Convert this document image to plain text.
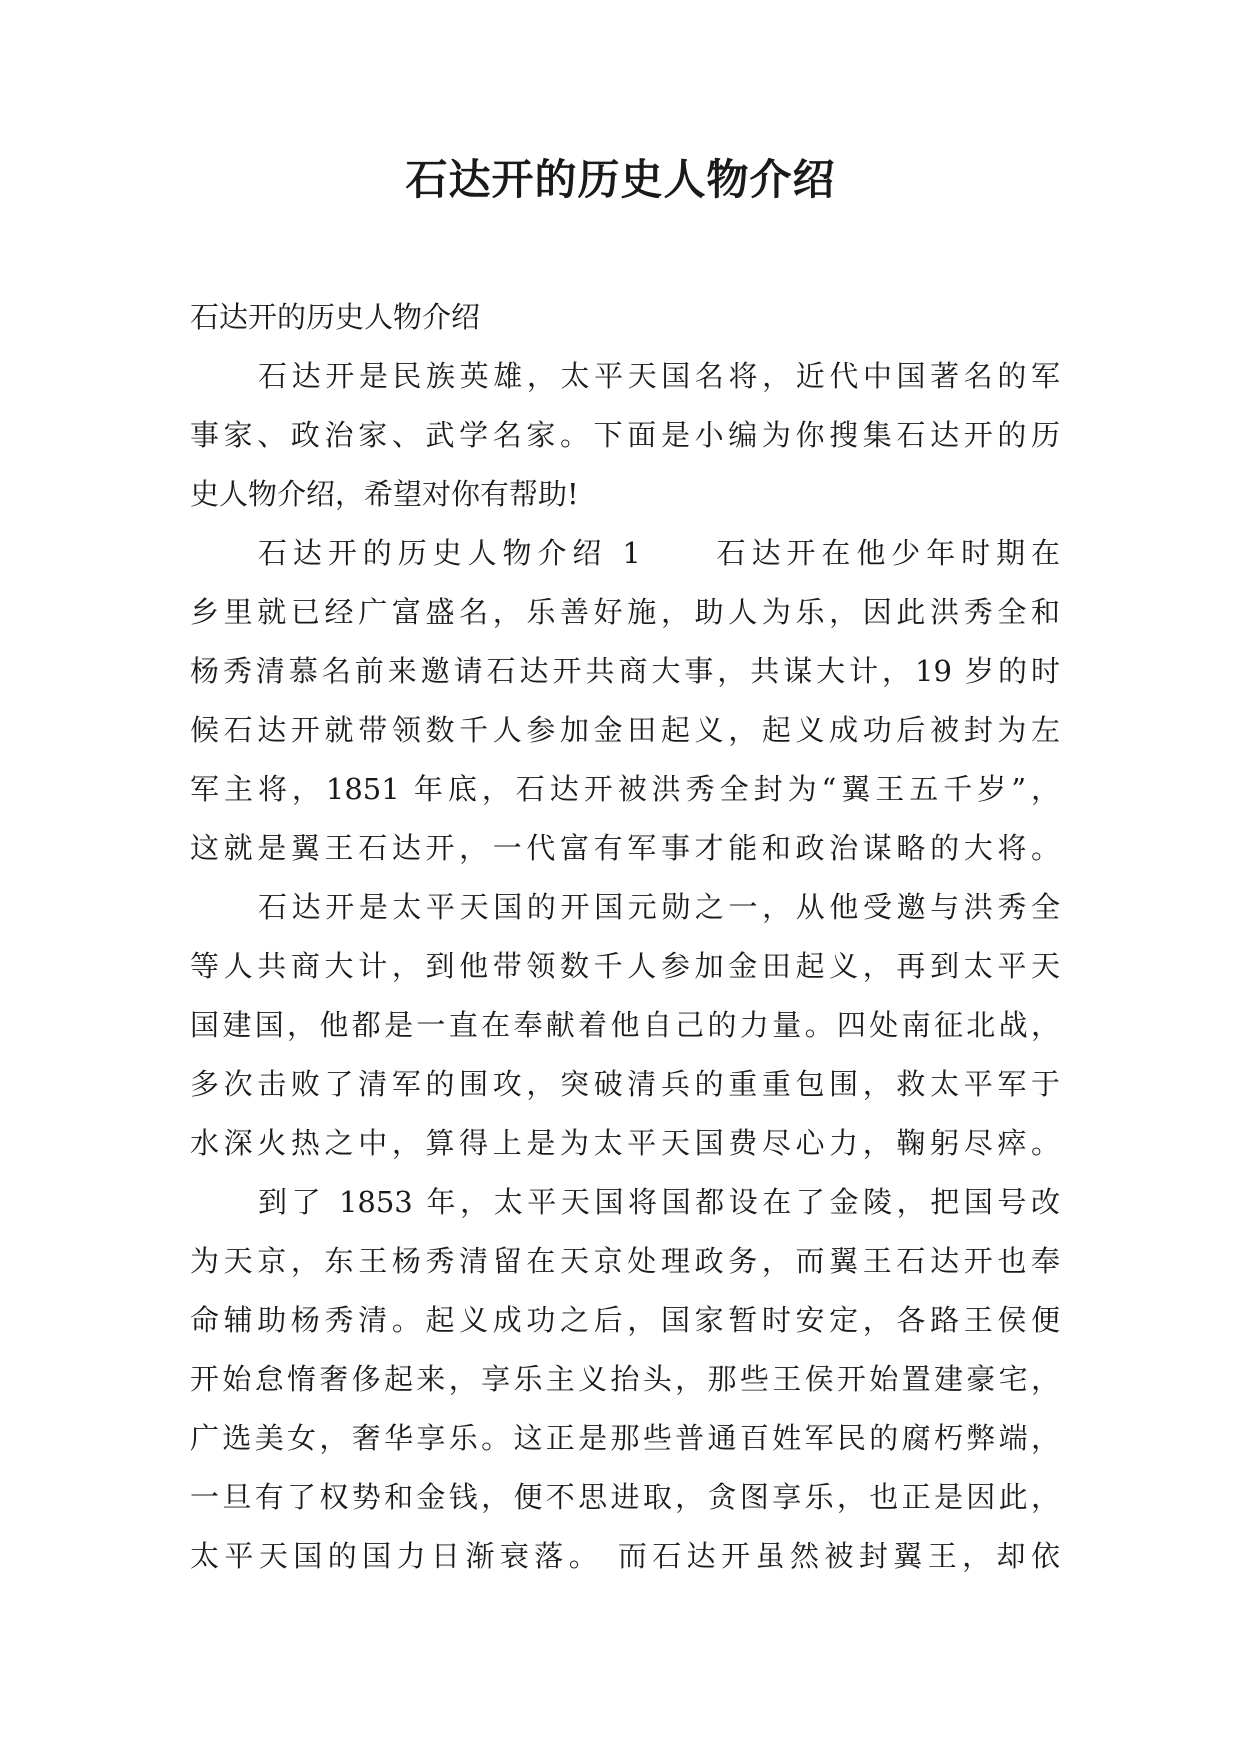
石达开的历史人物介绍
石达开的历史人物介绍
石达开是民族英雄，太平天国名将，近代中国著名的军
事家、政治家、武学名家。下面是小编为你搜集石达开的历
史人物介绍，希望对你有帮助!
石达开的历史人物介绍 1　　石达开在他少年时期在
乡里就已经广富盛名，乐善好施，助人为乐，因此洪秀全和
杨秀清慕名前来邀请石达开共商大事，共谋大计，19 岁的时
候石达开就带领数千人参加金田起义，起义成功后被封为左
军主将，1851 年底，石达开被洪秀全封为“翼王五千岁”，
这就是翼王石达开，一代富有军事才能和政治谋略的大将。
石达开是太平天国的开国元勋之一，从他受邀与洪秀全
等人共商大计，到他带领数千人参加金田起义，再到太平天
国建国，他都是一直在奉献着他自己的力量。四处南征北战，
多次击败了清军的围攻，突破清兵的重重包围，救太平军于
水深火热之中，算得上是为太平天国费尽心力，鞠躬尽瘁。
到了 1853 年，太平天国将国都设在了金陵，把国号改
为天京，东王杨秀清留在天京处理政务，而翼王石达开也奉
命辅助杨秀清。起义成功之后，国家暂时安定，各路王侯便
开始怠惰奢侈起来，享乐主义抬头，那些王侯开始置建豪宅，
广选美女，奢华享乐。这正是那些普通百姓军民的腐朽弊端，
一旦有了权势和金钱，便不思进取，贪图享乐，也正是因此，
太平天国的国力日渐衰落。 而石达开虽然被封翼王，却依
